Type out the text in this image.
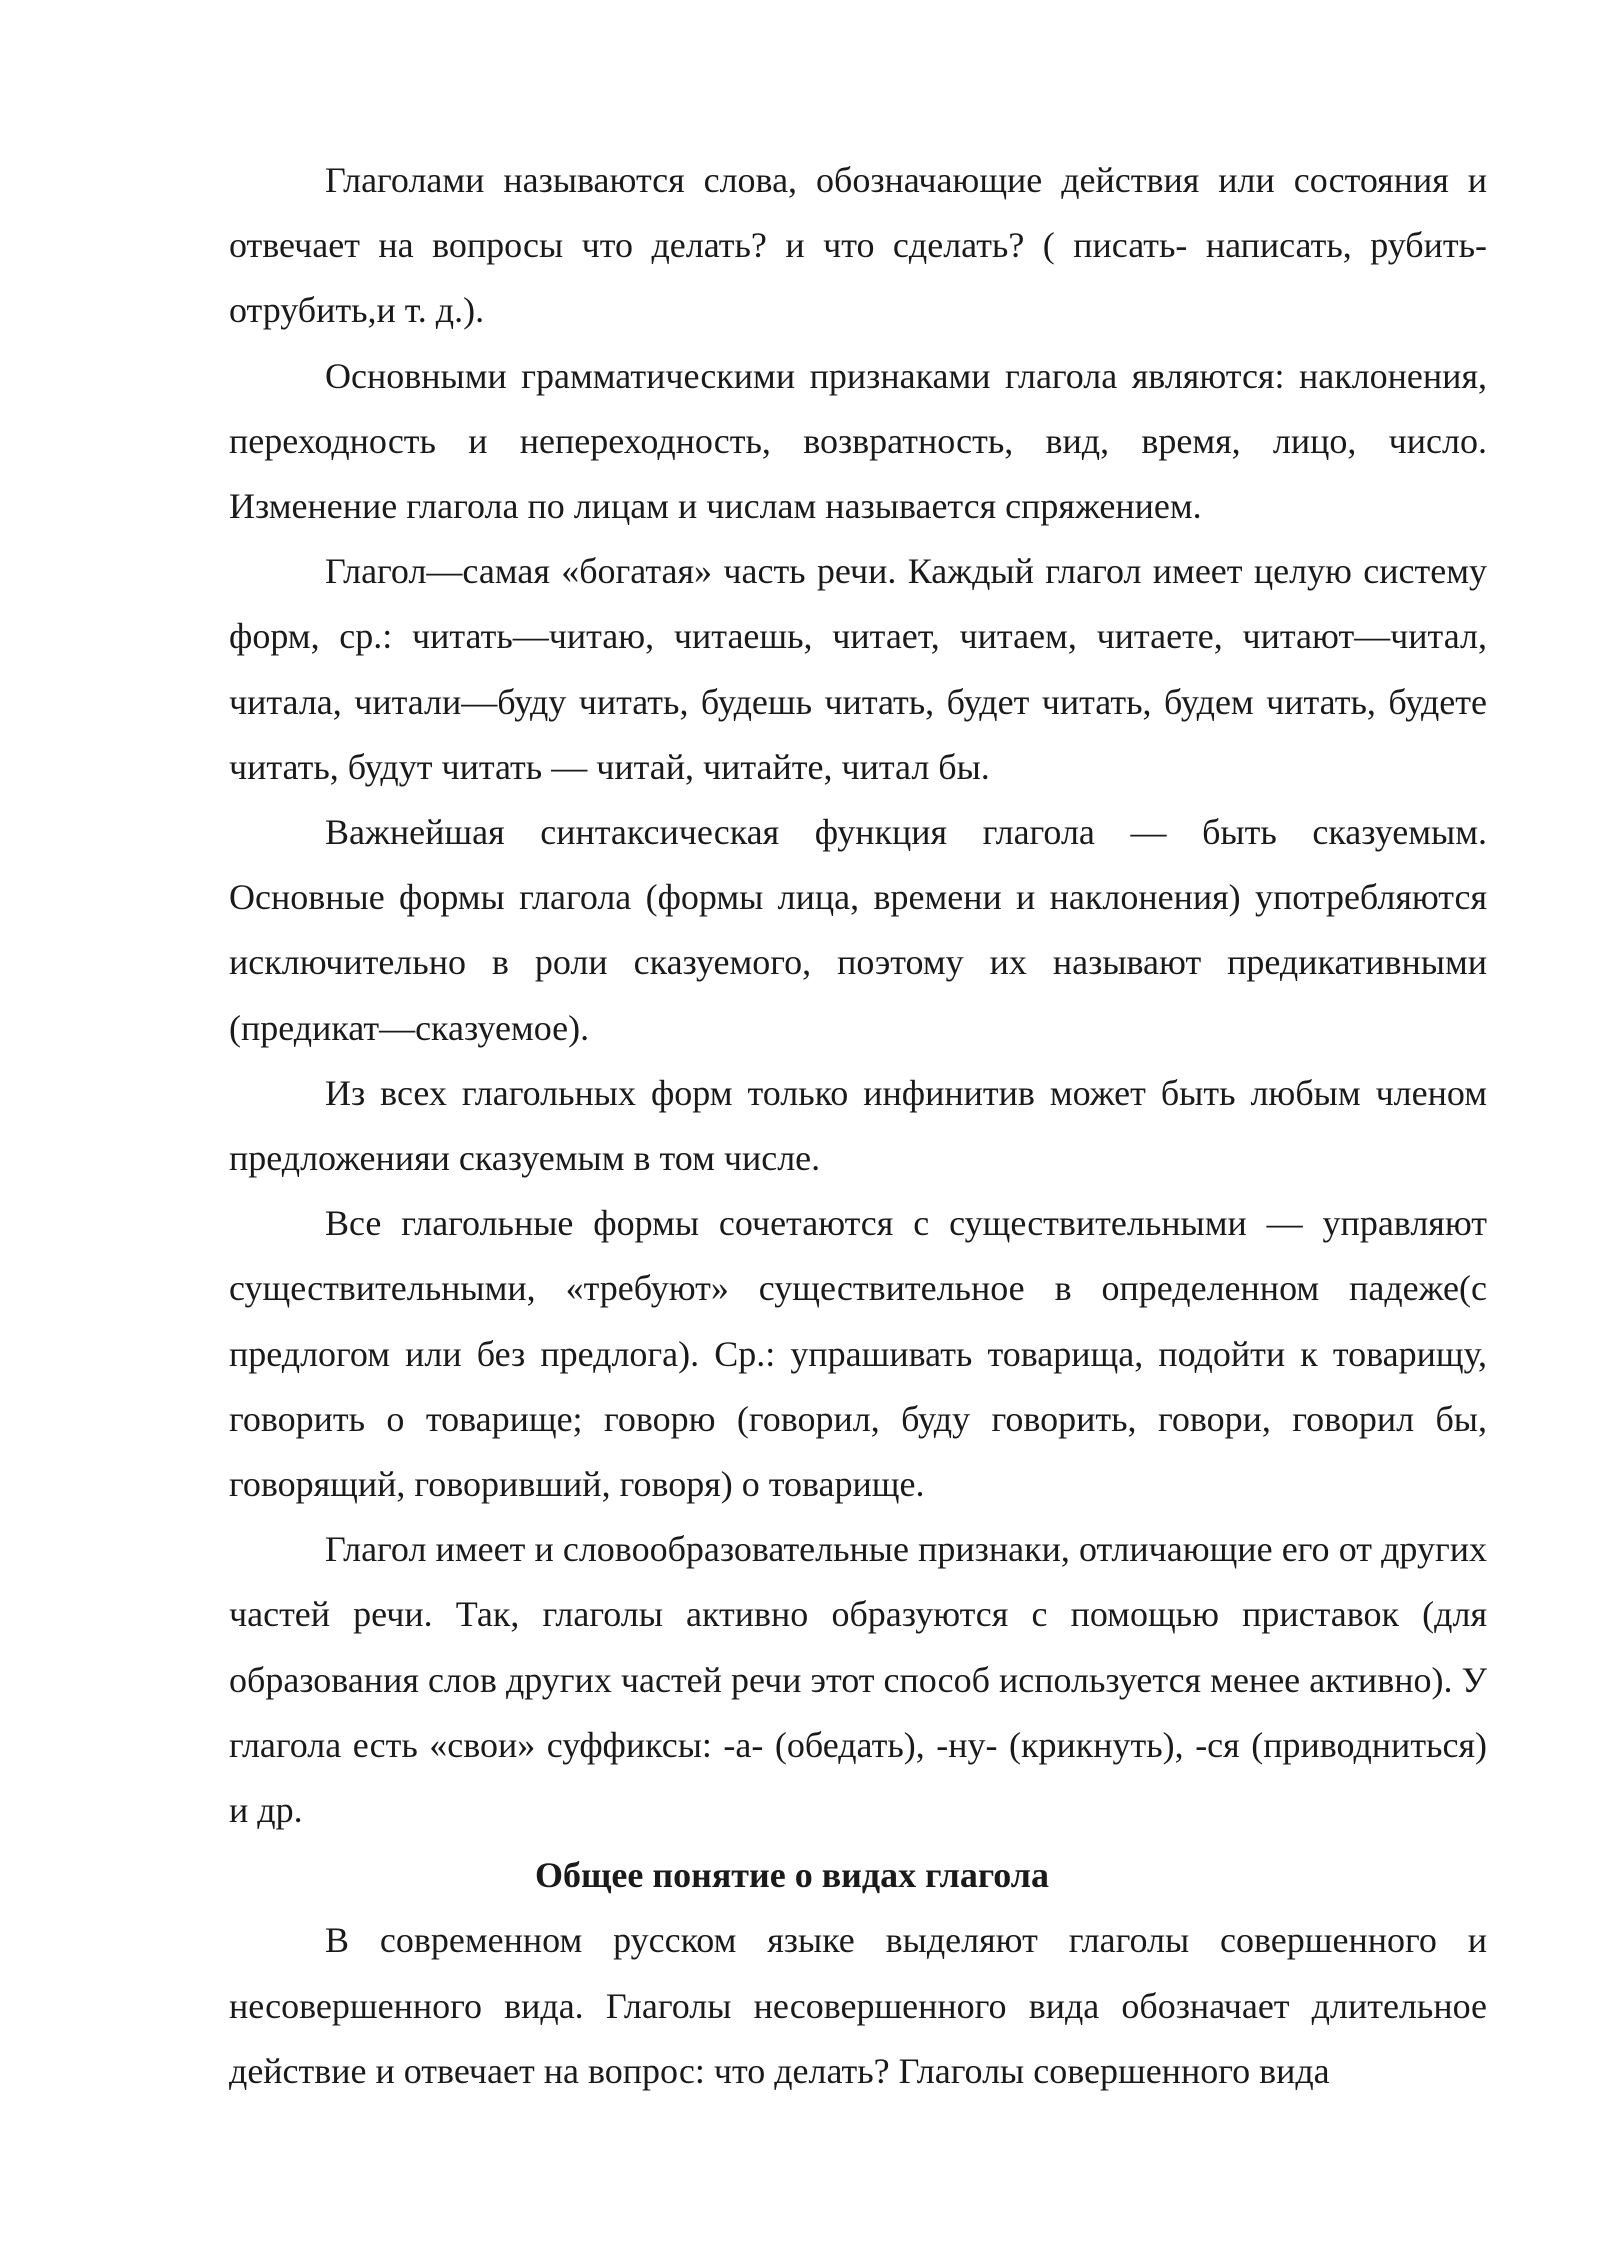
Глаголами называются слова, обозначающие действия или состояния и отвечает на вопросы что делать? и что сделать? ( писать- написать, рубить-отрубить,и т. д.).

Основными грамматическими признаками глагола являются: наклонения, переходность и непереходность, возвратность, вид, время, лицо, число. Изменение глагола по лицам и числам называется спряжением.

Глагол—самая «богатая» часть речи. Каждый глагол имеет целую систему форм, ср.: читать—читаю, читаешь, читает, читаем, читаете, читают—читал, читала, читали—буду читать, будешь читать, будет читать, будем читать, будете читать, будут читать — читай, читайте, читал бы.

Важнейшая синтаксическая функция глагола — быть сказуемым. Основные формы глагола (формы лица, времени и наклонения) употребляются исключительно в роли сказуемого, поэтому их называют предикативными (предикат—сказуемое).

Из всех глагольных форм только инфинитив может быть любым членом предложенияи сказуемым в том числе.

Все глагольные формы сочетаются с существительными — управляют существительными, «требуют» существительное в определенном падеже(с предлогом или без предлога). Ср.: упрашивать товарища, подойти к товарищу, говорить о товарище; говорю (говорил, буду говорить, говори, говорил бы, говорящий, говоривший, говоря) о товарище.

Глагол имеет и словообразовательные признаки, отличающие его от других частей речи. Так, глаголы активно образуются с помощью приставок (для образования слов других частей речи этот способ используется менее активно). У глагола есть «свои» суффиксы: -а- (обедать), -ну- (крикнуть), -ся (приводниться) и др.

Общее понятие о видах глагола

В современном русском языке выделяют глаголы совершенного и несовершенного вида. Глаголы несовершенного вида обозначает длительное действие и отвечает на вопрос: что делать? Глаголы совершенного вида
